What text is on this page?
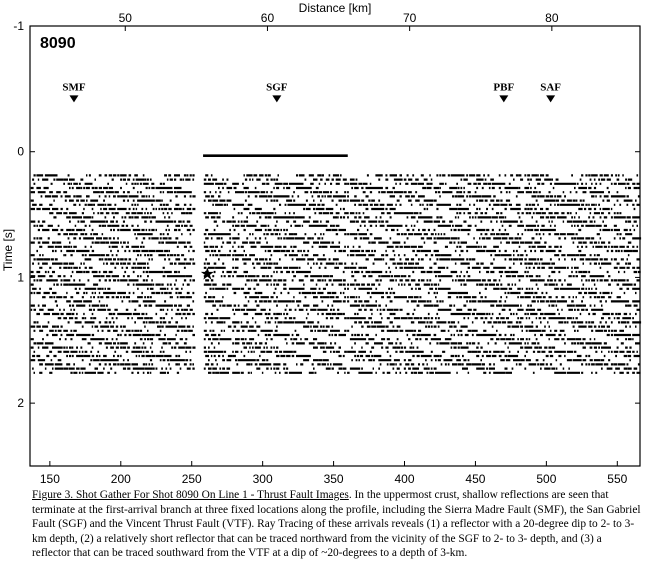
Distance [km]
Time [s]
50	60	70	80
150	200	250	300	350	400	450	500	550
-1
0
1
2
8090
SMF	SGF	PBF SAF
★
Figure 3. Shot Gather For Shot 8090 On Line 1 - Thrust Fault Images. In the uppermost crust, shallow reflections are seen that terminate at the first-arrival branch at three fixed locations along the profile, including the Sierra Madre Fault (SMF), the San Gabriel Fault (SGF) and the Vincent Thrust Fault (VTF). Ray Tracing of these arrivals reveals (1) a reflector with a 20-degree dip to 2- to 3-km depth, (2) a relatively short reflector that can be traced northward from the vicinity of the SGF to 2- to 3- depth, and (3) a reflector that can be traced southward from the VTF at a dip of ~20-degrees to a depth of 3-km.
